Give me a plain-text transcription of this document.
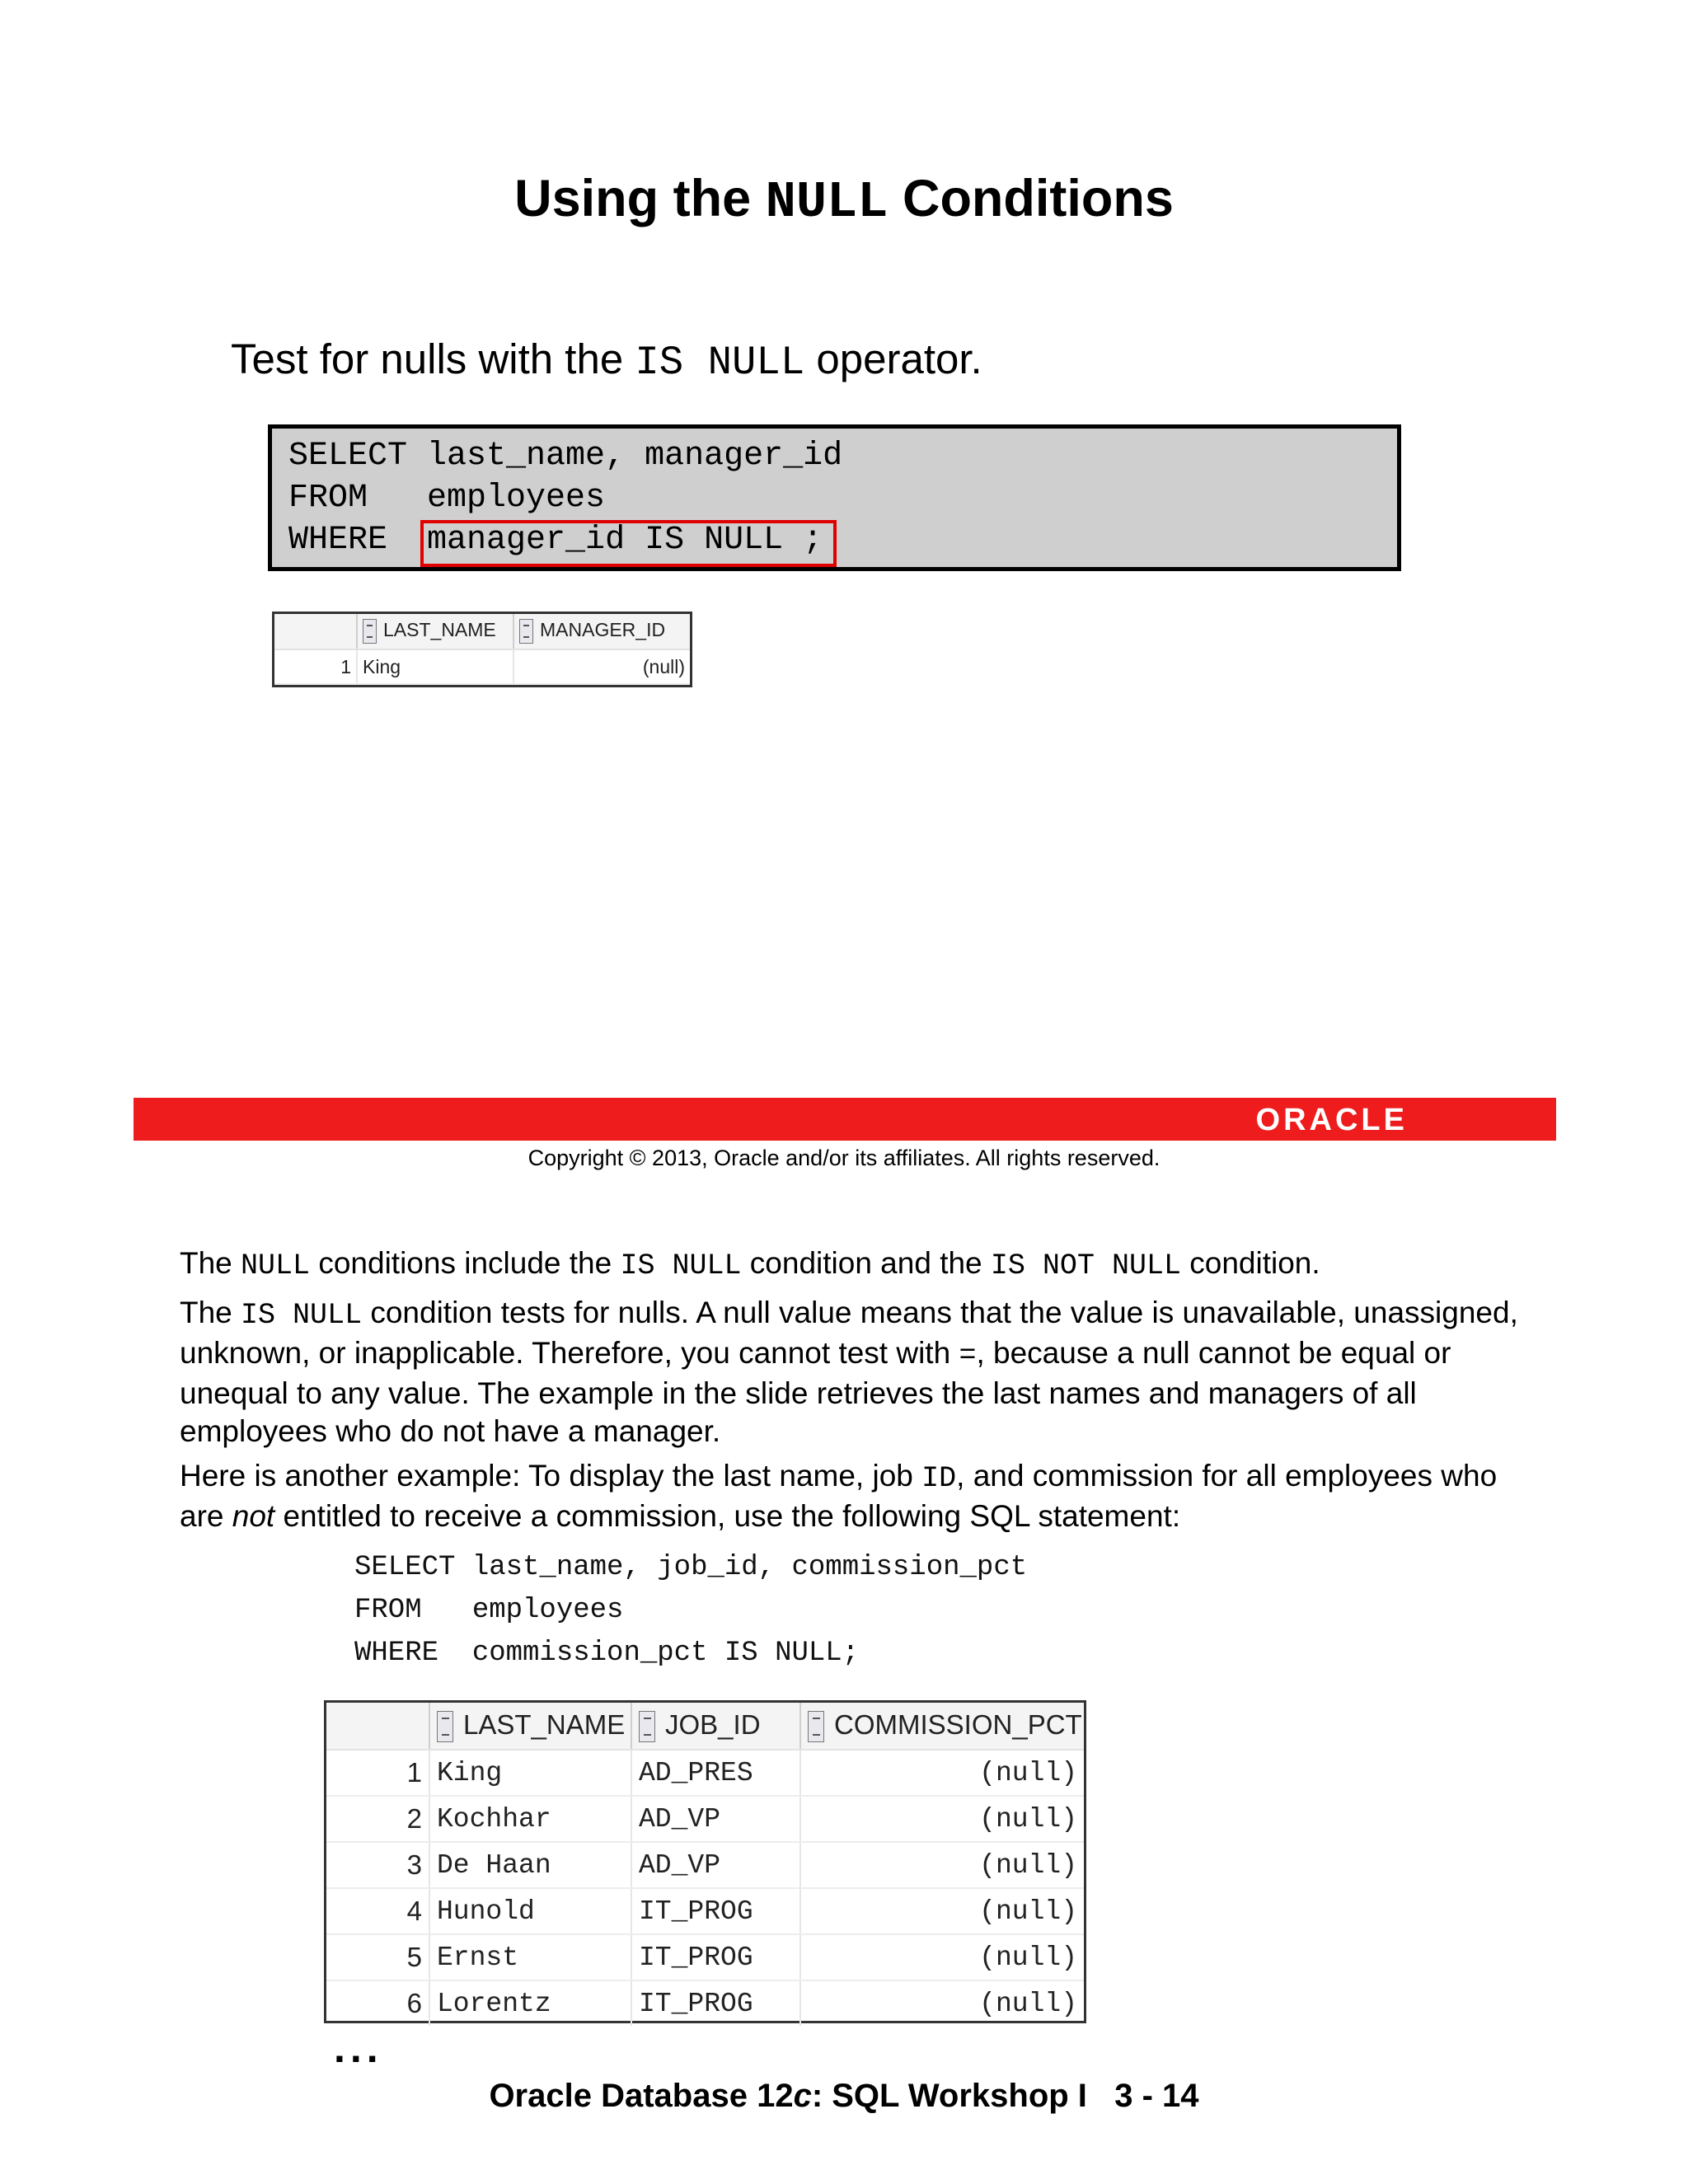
Using the NULL Conditions
Test for nulls with the IS NULL operator.
SELECT last_name, manager_id
FROM   employees
WHERE  manager_id IS NULL ;
	LAST_NAME	MANAGER_ID
1	King	(null)
ORACLE
Copyright © 2013, Oracle and/or its affiliates. All rights reserved.
The NULL conditions include the IS NULL condition and the IS NOT NULL condition.
The IS NULL condition tests for nulls. A null value means that the value is unavailable, unassigned, unknown, or inapplicable. Therefore, you cannot test with =, because a null cannot be equal or unequal to any value. The example in the slide retrieves the last names and managers of all employees who do not have a manager.
Here is another example: To display the last name, job ID, and commission for all employees who are not entitled to receive a commission, use the following SQL statement:
SELECT last_name, job_id, commission_pct
FROM   employees
WHERE  commission_pct IS NULL;
	LAST_NAME	JOB_ID	COMMISSION_PCT
1	King	AD_PRES	(null)
2	Kochhar	AD_VP	(null)
3	De Haan	AD_VP	(null)
4	Hunold	IT_PROG	(null)
5	Ernst	IT_PROG	(null)
6	Lorentz	IT_PROG	(null)
...
Oracle Database 12c: SQL Workshop I   3 - 14
